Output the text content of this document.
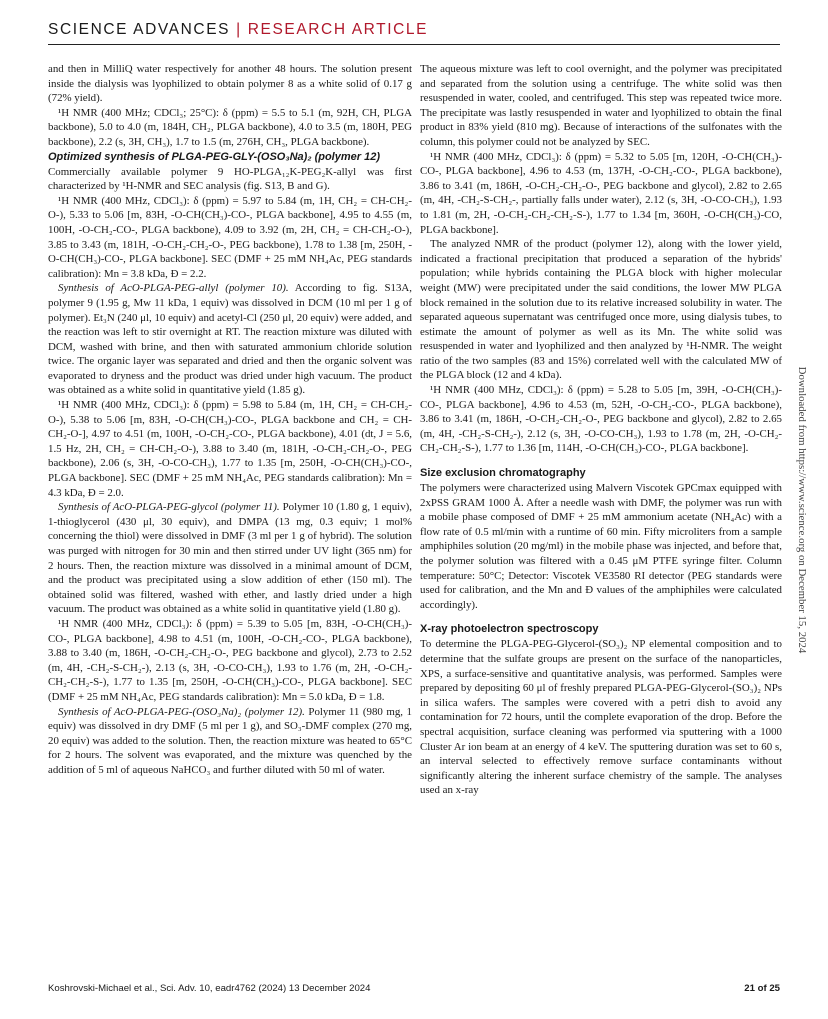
SCIENCE ADVANCES | RESEARCH ARTICLE

and then in MilliQ water respectively for another 48 hours. The solution present inside the dialysis was lyophilized to obtain polymer 8 as a white solid of 0.17 g (72% yield).

¹H NMR (400 MHz; CDCl₃; 25°C): δ (ppm) = 5.5 to 5.1 (m, 92H, CH, PLGA backbone), 5.0 to 4.0 (m, 184H, CH₂, PLGA backbone), 4.0 to 3.5 (m, 180H, PEG backbone), 2.2 (s, 3H, CH₃), 1.7 to 1.5 (m, 276H, CH₃, PLGA backbone).

Optimized synthesis of PLGA-PEG-GLY-(OSO₃Na)₂ (polymer 12)

Commercially available polymer 9 HO-PLGA₁₂K-PEG₂K-allyl was first characterized by ¹H-NMR and SEC analysis (fig. S13, B and G).

¹H NMR (400 MHz, CDCl₃): δ (ppm) = 5.97 to 5.84 (m, 1H, CH₂ = CH-CH₂-O-), 5.33 to 5.06 [m, 83H, -O-CH(CH₃)-CO-, PLGA backbone], 4.95 to 4.55 (m, 100H, -O-CH₂-CO-, PLGA backbone), 4.09 to 3.92 (m, 2H, CH₂ = CH-CH₂-O-), 3.85 to 3.43 (m, 181H, -O-CH₂-CH₂-O-, PEG backbone), 1.78 to 1.38 [m, 250H, -O-CH(CH₃)-CO-, PLGA backbone]. SEC (DMF + 25 mM NH₄Ac, PEG standards calibration): Mn = 3.8 kDa, Đ = 2.2.

Synthesis of AcO-PLGA-PEG-allyl (polymer 10). According to fig. S13A, polymer 9 (1.95 g, Mw 11 kDa, 1 equiv) was dissolved in DCM (10 ml per 1 g of polymer). Et₃N (240 μl, 10 equiv) and acetyl-Cl (250 μl, 20 equiv) were added, and the reaction was left to stir overnight at RT. The reaction mixture was diluted with DCM, washed with brine, and then with saturated ammonium chloride solution twice. The organic layer was separated and dried and then the organic solvent was evaporated to dryness and the product was dried under high vacuum. The product was obtained as a white solid in quantitative yield (1.85 g).

¹H NMR (400 MHz, CDCl₃): δ (ppm) = 5.98 to 5.84 (m, 1H, CH₂ = CH-CH₂-O-), 5.38 to 5.06 [m, 83H, -O-CH(CH₃)-CO-, PLGA backbone and CH₂ = CH-CH₂-O-], 4.97 to 4.51 (m, 100H, -O-CH₂-CO-, PLGA backbone), 4.01 (dt, J = 5.6, 1.5 Hz, 2H, CH₂ = CH-CH₂-O-), 3.88 to 3.40 (m, 181H, -O-CH₂-CH₂-O-, PEG backbone), 2.06 (s, 3H, -O-CO-CH₃), 1.77 to 1.35 [m, 250H, -O-CH(CH₃)-CO-, PLGA backbone]. SEC (DMF + 25 mM NH₄Ac, PEG standards calibration): Mn = 4.3 kDa, Đ = 2.0.

Synthesis of AcO-PLGA-PEG-glycol (polymer 11). Polymer 10 (1.80 g, 1 equiv), 1-thioglycerol (430 μl, 30 equiv), and DMPA (13 mg, 0.3 equiv; 1 mol% concerning the thiol) were dissolved in DMF (3 ml per 1 g of hybrid). The solution was purged with nitrogen for 30 min and then stirred under UV light (365 nm) for 2 hours. Then, the reaction mixture was dissolved in a minimal amount of DCM, and the product was precipitated using a slow addition of ether (150 ml). The obtained solid was filtered, washed with ether, and lastly dried under a high vacuum. The product was obtained as a white solid in quantitative yield (1.80 g).

¹H NMR (400 MHz, CDCl₃): δ (ppm) = 5.39 to 5.05 [m, 83H, -O-CH(CH₃)-CO-, PLGA backbone], 4.98 to 4.51 (m, 100H, -O-CH₂-CO-, PLGA backbone), 3.88 to 3.40 (m, 186H, -O-CH₂-CH₂-O-, PEG backbone and glycol), 2.73 to 2.52 (m, 4H, -CH₂-S-CH₂-), 2.13 (s, 3H, -O-CO-CH₃), 1.93 to 1.76 (m, 2H, -O-CH₂-CH₂-CH₂-S-), 1.77 to 1.35 [m, 250H, -O-CH(CH₃)-CO-, PLGA backbone]. SEC (DMF + 25 mM NH₄Ac, PEG standards calibration): Mn = 5.0 kDa, Đ = 1.8.

Synthesis of AcO-PLGA-PEG-(OSO₃Na)₂ (polymer 12). Polymer 11 (980 mg, 1 equiv) was dissolved in dry DMF (5 ml per 1 g), and SO₃-DMF complex (270 mg, 20 equiv) was added to the solution. Then, the reaction mixture was heated to 65°C for 2 hours. The solvent was evaporated, and the mixture was quenched by the addition of 5 ml of aqueous NaHCO₃ and further diluted with 50 ml of water.

The aqueous mixture was left to cool overnight, and the polymer was precipitated and separated from the solution using a centrifuge. The white solid was then resuspended in water, cooled, and centrifuged. This step was repeated twice more. The precipitate was lastly resuspended in water and lyophilized to obtain the final product in 83% yield (810 mg). Because of interactions of the sulfonates with the column, this polymer could not be analyzed by SEC.

¹H NMR (400 MHz, CDCl₃): δ (ppm) = 5.32 to 5.05 [m, 120H, -O-CH(CH₃)-CO-, PLGA backbone], 4.96 to 4.53 (m, 137H, -O-CH₂-CO-, PLGA backbone), 3.86 to 3.41 (m, 186H, -O-CH₂-CH₂-O-, PEG backbone and glycol), 2.82 to 2.65 (m, 4H, -CH₂-S-CH₂-, partially falls under water), 2.12 (s, 3H, -O-CO-CH₃), 1.93 to 1.81 (m, 2H, -O-CH₂-CH₂-CH₂-S-), 1.77 to 1.34 [m, 360H, -O-CH(CH₃)-CO, PLGA backbone].

The analyzed NMR of the product (polymer 12), along with the lower yield, indicated a fractional precipitation that produced a separation of the hybrids' population; while hybrids containing the PLGA block with higher molecular weight (MW) were precipitated under the said conditions, the lower MW PLGA block remained in the solution due to its relative increased solubility in water. The separated aqueous supernatant was centrifuged once more, using dialysis tubes, to estimate the amount of polymer as well as its Mn. The white solid was resuspended in water and lyophilized and then analyzed by ¹H-NMR. The weight ratio of the two samples (83 and 15%) correlated well with the calculated MW of the PLGA block (12 and 4 kDa).

¹H NMR (400 MHz, CDCl₃): δ (ppm) = 5.28 to 5.05 [m, 39H, -O-CH(CH₃)-CO-, PLGA backbone], 4.96 to 4.53 (m, 52H, -O-CH₂-CO-, PLGA backbone), 3.86 to 3.41 (m, 186H, -O-CH₂-CH₂-O-, PEG backbone and glycol), 2.82 to 2.65 (m, 4H, -CH₂-S-CH₂-), 2.12 (s, 3H, -O-CO-CH₃), 1.93 to 1.78 (m, 2H, -O-CH₂-CH₂-CH₂-S-), 1.77 to 1.36 [m, 114H, -O-CH(CH₃)-CO-, PLGA backbone].

Size exclusion chromatography

The polymers were characterized using Malvern Viscotek GPCmax equipped with 2xPSS GRAM 1000 Å. After a needle wash with DMF, the polymer was run with a mobile phase composed of DMF + 25 mM ammonium acetate (NH₄Ac) with a flow rate of 0.5 ml/min with a runtime of 60 min. Fifty microliters from a sample amphiphiles solution (20 mg/ml) in the mobile phase was injected, and before that, the polymer solution was filtered with a 0.45 μM PTFE syringe filter. Column temperature: 50°C; Detector: Viscotek VE3580 RI detector (PEG standards were used for calibration, and the Mn and Đ values of the amphiphiles were calculated accordingly).

X-ray photoelectron spectroscopy

To determine the PLGA-PEG-Glycerol-(SO₃)₂ NP elemental composition and to determine that the sulfate groups are present on the surface of the nanoparticles, XPS, a surface-sensitive and quantitative analysis, was performed. Samples were prepared by depositing 60 μl of freshly prepared PLGA-PEG-Glycerol-(SO₃)₂ NPs in silica wafers. The samples were covered with a petri dish to avoid any contamination for 72 hours, until the complete evaporation of the drop. Before the spectral acquisition, surface cleaning was performed via sputtering with a 1000 Cluster Ar ion beam at an energy of 4 keV. The sputtering duration was set to 60 s, an interval selected to effectively remove surface contaminants without significantly altering the inherent surface chemistry of the sample. The analyses used an x-ray

Downloaded from https://www.science.org on December 15, 2024
Koshrovski-Michael et al., Sci. Adv. 10, eadr4762 (2024) 13 December 2024	21 of 25
